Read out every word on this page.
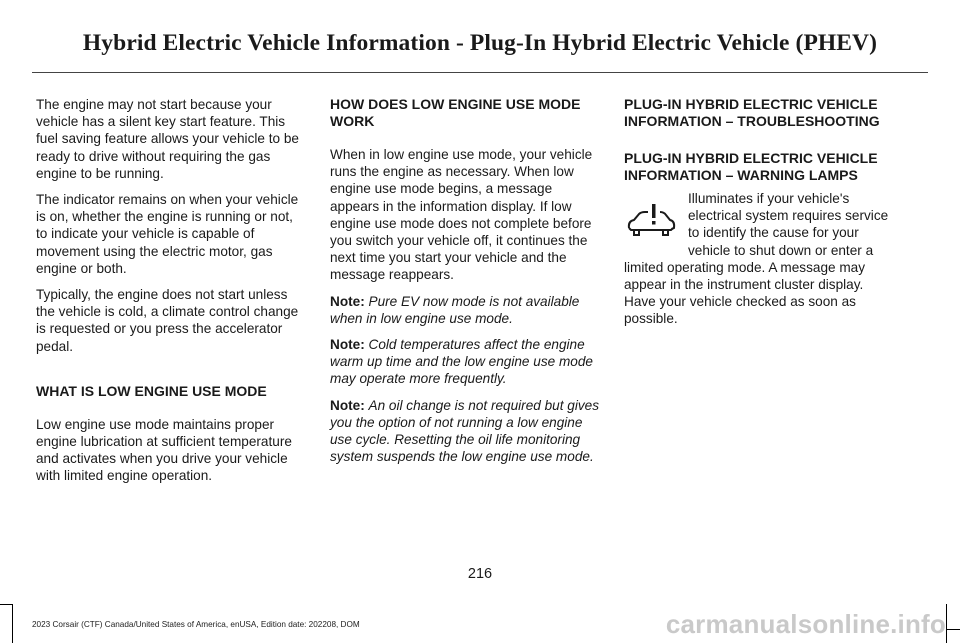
Hybrid Electric Vehicle Information - Plug-In Hybrid Electric Vehicle (PHEV)

The engine may not start because your vehicle has a silent key start feature. This fuel saving feature allows your vehicle to be ready to drive without requiring the gas engine to be running.

The indicator remains on when your vehicle is on, whether the engine is running or not, to indicate your vehicle is capable of movement using the electric motor, gas engine or both.

Typically, the engine does not start unless the vehicle is cold, a climate control change is requested or you press the accelerator pedal.

WHAT IS LOW ENGINE USE MODE

Low engine use mode maintains proper engine lubrication at sufficient temperature and activates when you drive your vehicle with limited engine operation.

HOW DOES LOW ENGINE USE MODE WORK

When in low engine use mode, your vehicle runs the engine as necessary. When low engine use mode begins, a message appears in the information display. If low engine use mode does not complete before you switch your vehicle off, it continues the next time you start your vehicle and the message reappears.

Note: Pure EV now mode is not available when in low engine use mode.

Note: Cold temperatures affect the engine warm up time and the low engine use mode may operate more frequently.

Note: An oil change is not required but gives you the option of not running a low engine use cycle. Resetting the oil life monitoring system suspends the low engine use mode.

PLUG-IN HYBRID ELECTRIC VEHICLE INFORMATION – TROUBLESHOOTING
PLUG-IN HYBRID ELECTRIC VEHICLE INFORMATION – WARNING LAMPS

Illuminates if your vehicle's electrical system requires service to identify the cause for your vehicle to shut down or enter a limited operating mode. A message may appear in the instrument cluster display. Have your vehicle checked as soon as possible.

216
2023 Corsair (CTF) Canada/United States of America, enUSA, Edition date: 202208, DOM	carmanualsonline.info
